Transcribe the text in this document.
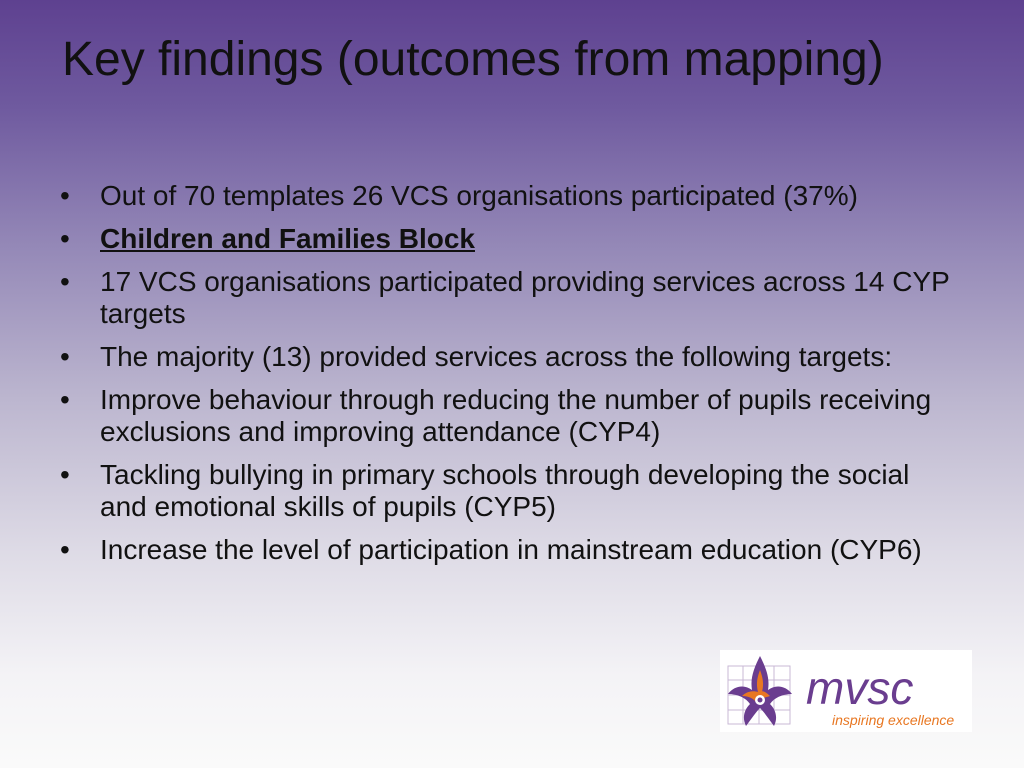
Key findings (outcomes from mapping)
•	Out of 70 templates 26 VCS organisations participated (37%)
•	Children and Families Block
•	17 VCS organisations participated providing services across 14 CYP targets
•	The majority (13) provided services across the following targets:
•	Improve behaviour through reducing the number of pupils receiving exclusions and improving attendance (CYP4)
•	Tackling bullying in primary schools through developing the social and emotional skills of pupils (CYP5)
•	Increase the level of participation in mainstream education (CYP6)
mvsc
inspiring excellence
